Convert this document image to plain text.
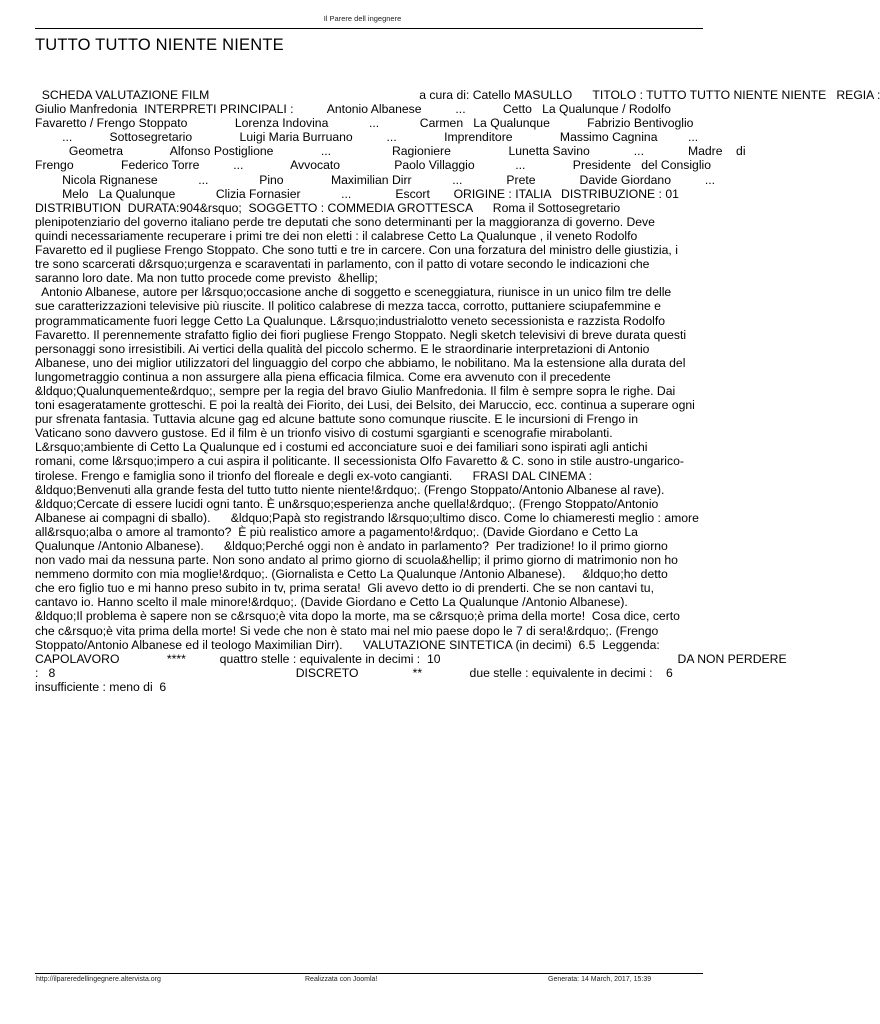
Il Parere dell ingegnere
TUTTO TUTTO NIENTE NIENTE
SCHEDA VALUTAZIONE FILM                                                              a cura di: Catello MASULLO      TITOLO : TUTTO TUTTO NIENTE NIENTE   REGIA :
Giulio Manfredonia  INTERPRETI PRINCIPALI :          Antonio Albanese          ...           Cetto   La Qualunque / Rodolfo
Favaretto / Frengo Stoppato              Lorenza Indovina            ...            Carmen   La Qualunque           Fabrizio Bentivoglio
...           Sottosegretario              Luigi Maria Burruano          ...              Imprenditore              Massimo Cagnina         ...
Geometra              Alfonso Postiglione              ...                  Ragioniere                 Lunetta Savino             ...             Madre    di
Frengo              Federico Torre          ...              Avvocato                Paolo Villaggio            ...              Presidente   del Consiglio
Nicola Rignanese            ...               Pino              Maximilian Dirr            ...             Prete             Davide Giordano          ...
Melo   La Qualunque            Clizia Fornasier            ...             Escort       ORIGINE : ITALIA   DISTRIBUZIONE : 01
DISTRIBUTION  DURATA:904&rsquo;  SOGGETTO : COMMEDIA GROTTESCA      Roma il Sottosegretario
plenipotenziario del governo italiano perde tre deputati che sono determinanti per la maggioranza di governo. Deve
quindi necessariamente recuperare i primi tre dei non eletti : il calabrese Cetto La Qualunque , il veneto Rodolfo
Favaretto ed il pugliese Frengo Stoppato. Che sono tutti e tre in carcere. Con una forzatura del ministro delle giustizia, i
tre sono scarcerati d&rsquo;urgenza e scaraventati in parlamento, con il patto di votare secondo le indicazioni che
saranno loro date. Ma non tutto procede come previsto  &hellip;
Antonio Albanese, autore per l&rsquo;occasione anche di soggetto e sceneggiatura, riunisce in un unico film tre delle
sue caratterizzazioni televisive più riuscite. Il politico calabrese di mezza tacca, corrotto, puttaniere sciupafemmine e
programmaticamente fuori legge Cetto La Qualunque. L&rsquo;industrialotto veneto secessionista e razzista Rodolfo
Favaretto. Il perennemente strafatto figlio dei fiori pugliese Frengo Stoppato. Negli sketch televisivi di breve durata questi
personaggi sono irresistibili. Ai vertici della qualità del piccolo schermo. E le straordinarie interpretazioni di Antonio
Albanese, uno dei miglior utilizzatori del linguaggio del corpo che abbiamo, le nobilitano. Ma la estensione alla durata del
lungometraggio continua a non assurgere alla piena efficacia filmica. Come era avvenuto con il precedente
&ldquo;Qualunquemente&rdquo;, sempre per la regia del bravo Giulio Manfredonia. Il film è sempre sopra le righe. Dai
toni esageratamente grotteschi. E poi la realtà dei Fiorito, dei Lusi, dei Belsito, dei Maruccio, ecc. continua a superare ogni
pur sfrenata fantasia. Tuttavia alcune gag ed alcune battute sono comunque riuscite. E le incursioni di Frengo in
Vaticano sono davvero gustose. Ed il film è un trionfo visivo di costumi sgargianti e scenografie mirabolanti.
L&rsquo;ambiente di Cetto La Qualunque ed i costumi ed acconciature suoi e dei familiari sono ispirati agli antichi
romani, come l&rsquo;impero a cui aspira il politicante. Il secessionista Olfo Favaretto & C. sono in stile austro-ungarico-
tirolese. Frengo e famiglia sono il trionfo del floreale e degli ex-voto cangianti.      FRASI DAL CINEMA :
&ldquo;Benvenuti alla grande festa del tutto tutto niente niente!&rdquo;. (Frengo Stoppato/Antonio Albanese al rave).
&ldquo;Cercate di essere lucidi ogni tanto. È un&rsquo;esperienza anche quella!&rdquo;. (Frengo Stoppato/Antonio
Albanese ai compagni di sballo).      &ldquo;Papà sto registrando l&rsquo;ultimo disco. Come lo chiameresti meglio : amore
all&rsquo;alba o amore al tramonto?  È più realistico amore a pagamento!&rdquo;. (Davide Giordano e Cetto La
Qualunque /Antonio Albanese).      &ldquo;Perché oggi non è andato in parlamento?  Per tradizione! Io il primo giorno
non vado mai da nessuna parte. Non sono andato al primo giorno di scuola&hellip; il primo giorno di matrimonio non ho
nemmeno dormito con mia moglie!&rdquo;. (Giornalista e Cetto La Qualunque /Antonio Albanese).     &ldquo;ho detto
che ero figlio tuo e mi hanno preso subito in tv, prima serata!  Gli avevo detto io di prenderti. Che se non cantavi tu,
cantavo io. Hanno scelto il male minore!&rdquo;. (Davide Giordano e Cetto La Qualunque /Antonio Albanese).
&ldquo;Il problema è sapere non se c&rsquo;è vita dopo la morte, ma se c&rsquo;è prima della morte!  Cosa dice, certo
che c&rsquo;è vita prima della morte! Si vede che non è stato mai nel mio paese dopo le 7 di sera!&rdquo;. (Frengo
Stoppato/Antonio Albanese ed il teologo Maximilian Dirr).      VALUTAZIONE SINTETICA (in decimi)  6.5  Leggenda:
CAPOLAVORO              ****          quattro stelle : equivalente in decimi :  10                                                                      DA NON PERDERE
:   8                                                                       DISCRETO                **              due stelle : equivalente in decimi :    6
insufficiente : meno di  6
http://ilpareredellingegnere.altervista.org	Realizzata con Joomla!	Generata: 14 March, 2017, 15:39
